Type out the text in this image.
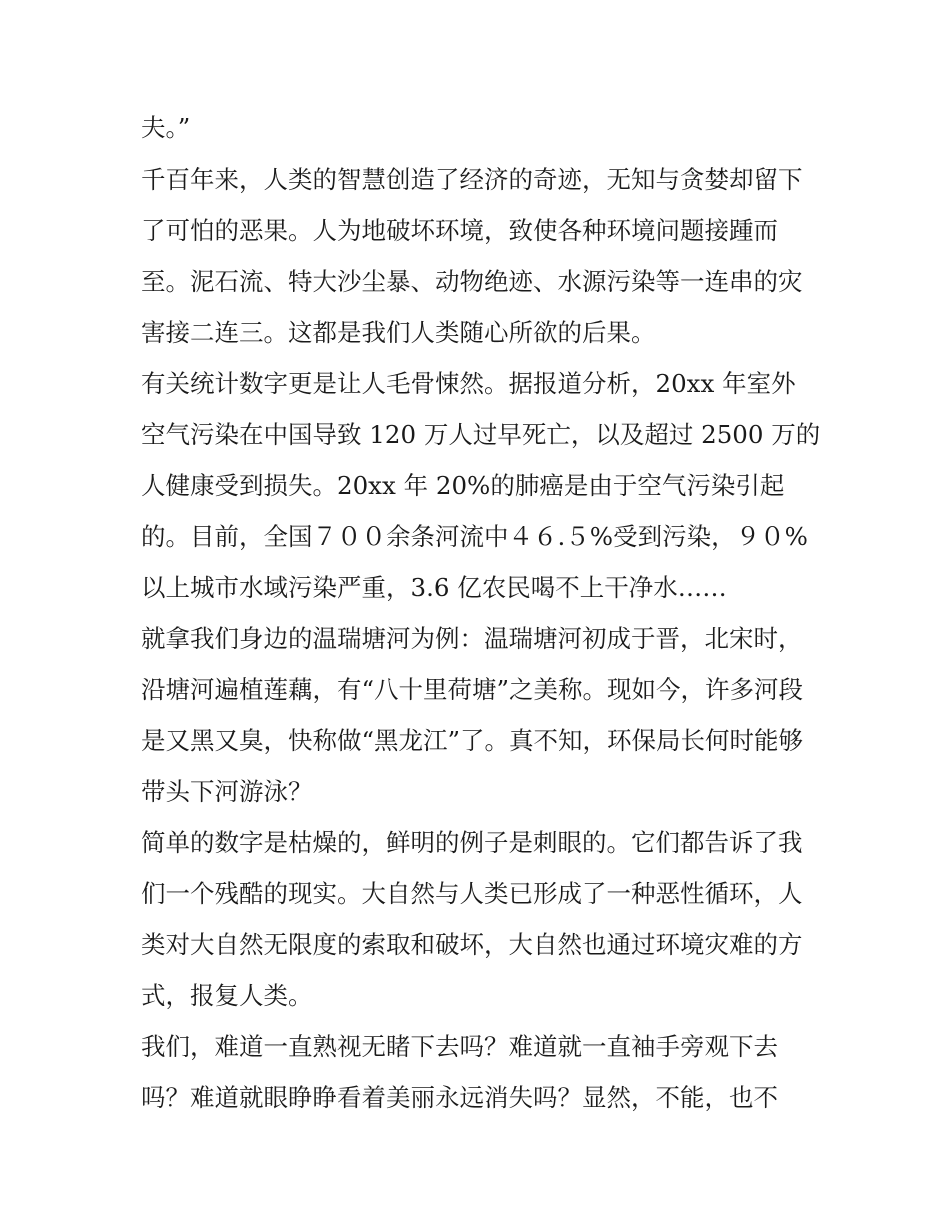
夫。”
千百年来，人类的智慧创造了经济的奇迹，无知与贪婪却留下
了可怕的恶果。人为地破坏环境，致使各种环境问题接踵而
至。泥石流、特大沙尘暴、动物绝迹、水源污染等一连串的灾
害接二连三。这都是我们人类随心所欲的后果。
有关统计数字更是让人毛骨悚然。据报道分析，20xx 年室外
空气污染在中国导致 120 万人过早死亡，以及超过 2500 万的
人健康受到损失。20xx 年 20%的肺癌是由于空气污染引起
的。目前，全国７００余条河流中４６.５%受到污染，９０%
以上城市水域污染严重，3.6 亿农民喝不上干净水……
就拿我们身边的温瑞塘河为例：温瑞塘河初成于晋，北宋时，
沿塘河遍植莲藕，有“八十里荷塘”之美称。现如今，许多河段
是又黑又臭，快称做“黑龙江”了。真不知，环保局长何时能够
带头下河游泳？
简单的数字是枯燥的，鲜明的例子是刺眼的。它们都告诉了我
们一个残酷的现实。大自然与人类已形成了一种恶性循环，人
类对大自然无限度的索取和破坏，大自然也通过环境灾难的方
式，报复人类。
我们，难道一直熟视无睹下去吗？难道就一直袖手旁观下去
吗？难道就眼睁睁看着美丽永远消失吗？显然，不能，也不
